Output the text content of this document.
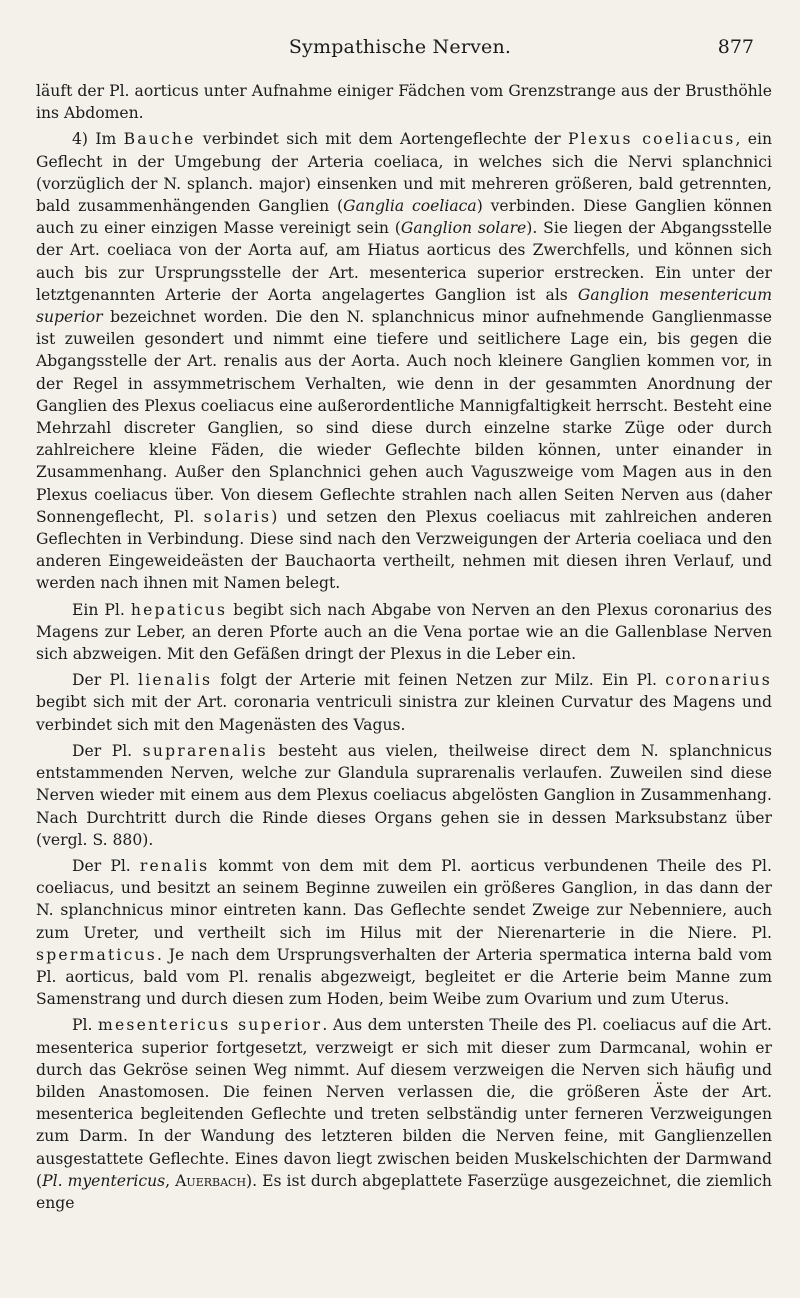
Sympathische Nerven.	877

läuft der Pl. aorticus unter Aufnahme einiger Fädchen vom Grenzstrange aus der Brusthöhle ins Abdomen.

4) Im Bauche verbindet sich mit dem Aortengeflechte der Plexus coeliacus, ein Geflecht in der Umgebung der Arteria coeliaca, in welches sich die Nervi splanchnici (vorzüglich der N. splanch. major) einsenken und mit mehreren größeren, bald getrennten, bald zusammenhängenden Ganglien (Ganglia coeliaca) verbinden. Diese Ganglien können auch zu einer einzigen Masse vereinigt sein (Ganglion solare). Sie liegen der Abgangsstelle der Art. coeliaca von der Aorta auf, am Hiatus aorticus des Zwerchfells, und können sich auch bis zur Ursprungsstelle der Art. mesenterica superior erstrecken. Ein unter der letztgenannten Arterie der Aorta angelagertes Ganglion ist als Ganglion mesentericum superior bezeichnet worden. Die den N. splanchnicus minor aufnehmende Ganglienmasse ist zuweilen gesondert und nimmt eine tiefere und seitlichere Lage ein, bis gegen die Abgangsstelle der Art. renalis aus der Aorta. Auch noch kleinere Ganglien kommen vor, in der Regel in assymmetrischem Verhalten, wie denn in der gesammten Anordnung der Ganglien des Plexus coeliacus eine außerordentliche Mannigfaltigkeit herrscht. Besteht eine Mehrzahl discreter Ganglien, so sind diese durch einzelne starke Züge oder durch zahlreichere kleine Fäden, die wieder Geflechte bilden können, unter einander in Zusammenhang. Außer den Splanchnici gehen auch Vaguszweige vom Magen aus in den Plexus coeliacus über. Von diesem Geflechte strahlen nach allen Seiten Nerven aus (daher Sonnengeflecht, Pl. solaris) und setzen den Plexus coeliacus mit zahlreichen anderen Geflechten in Verbindung. Diese sind nach den Verzweigungen der Arteria coeliaca und den anderen Eingeweideästen der Bauchaorta vertheilt, nehmen mit diesen ihren Verlauf, und werden nach ihnen mit Namen belegt.

Ein Pl. hepaticus begibt sich nach Abgabe von Nerven an den Plexus coronarius des Magens zur Leber, an deren Pforte auch an die Vena portae wie an die Gallenblase Nerven sich abzweigen. Mit den Gefäßen dringt der Plexus in die Leber ein.

Der Pl. lienalis folgt der Arterie mit feinen Netzen zur Milz. Ein Pl. coronarius begibt sich mit der Art. coronaria ventriculi sinistra zur kleinen Curvatur des Magens und verbindet sich mit den Magenästen des Vagus.

Der Pl. suprarenalis besteht aus vielen, theilweise direct dem N. splanchnicus entstammenden Nerven, welche zur Glandula suprarenalis verlaufen. Zuweilen sind diese Nerven wieder mit einem aus dem Plexus coeliacus abgelösten Ganglion in Zusammenhang. Nach Durchtritt durch die Rinde dieses Organs gehen sie in dessen Marksubstanz über (vergl. S. 880).

Der Pl. renalis kommt von dem mit dem Pl. aorticus verbundenen Theile des Pl. coeliacus, und besitzt an seinem Beginne zuweilen ein größeres Ganglion, in das dann der N. splanchnicus minor eintreten kann. Das Geflechte sendet Zweige zur Nebenniere, auch zum Ureter, und vertheilt sich im Hilus mit der Nierenarterie in die Niere. Pl. spermaticus. Je nach dem Ursprungsverhalten der Arteria spermatica interna bald vom Pl. aorticus, bald vom Pl. renalis abgezweigt, begleitet er die Arterie beim Manne zum Samenstrang und durch diesen zum Hoden, beim Weibe zum Ovarium und zum Uterus.

Pl. mesentericus superior. Aus dem untersten Theile des Pl. coeliacus auf die Art. mesenterica superior fortgesetzt, verzweigt er sich mit dieser zum Darmcanal, wohin er durch das Gekröse seinen Weg nimmt. Auf diesem verzweigen die Nerven sich häufig und bilden Anastomosen. Die feinen Nerven verlassen die, die größeren Äste der Art. mesenterica begleitenden Geflechte und treten selbständig unter ferneren Verzweigungen zum Darm. In der Wandung des letzteren bilden die Nerven feine, mit Ganglienzellen ausgestattete Geflechte. Eines davon liegt zwischen beiden Muskelschichten der Darmwand (Pl. myentericus, Auerbach). Es ist durch abgeplattete Faserzüge ausgezeichnet, die ziemlich enge
